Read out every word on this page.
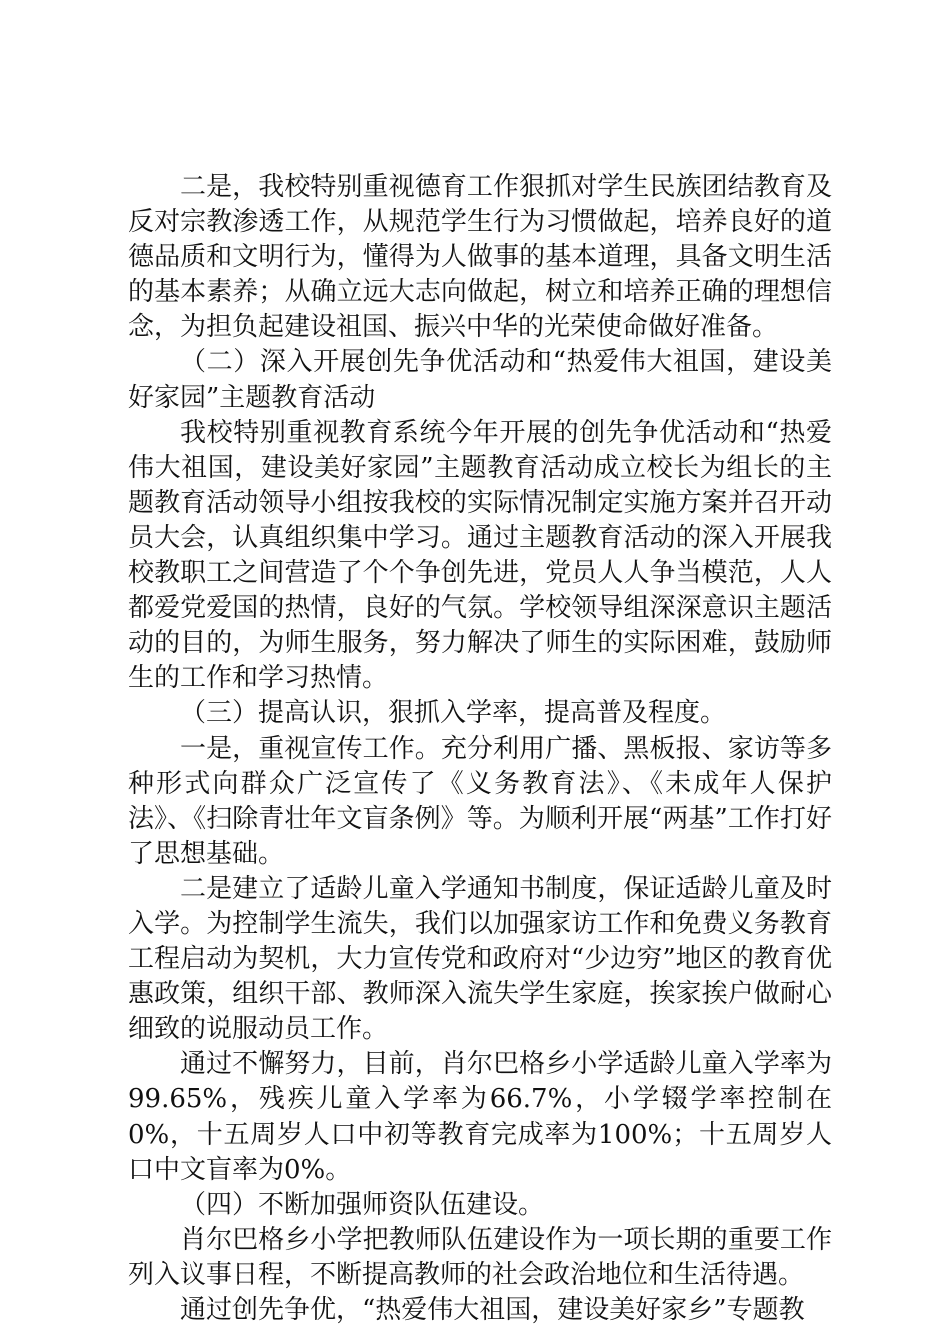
二是，我校特别重视德育工作狠抓对学生民族团结教育及反对宗教渗透工作，从规范学生行为习惯做起，培养良好的道德品质和文明行为，懂得为人做事的基本道理，具备文明生活的基本素养；从确立远大志向做起，树立和培养正确的理想信念，为担负起建设祖国、振兴中华的光荣使命做好准备。

（二）深入开展创先争优活动和“热爱伟大祖国，建设美好家园”主题教育活动

我校特别重视教育系统今年开展的创先争优活动和“热爱伟大祖国，建设美好家园”主题教育活动成立校长为组长的主题教育活动领导小组按我校的实际情况制定实施方案并召开动员大会，认真组织集中学习。通过主题教育活动的深入开展我校教职工之间营造了个个争创先进，党员人人争当模范，人人都爱党爱国的热情，良好的气氛。学校领导组深深意识主题活动的目的，为师生服务，努力解决了师生的实际困难，鼓励师生的工作和学习热情。

（三）提高认识，狠抓入学率，提高普及程度。

一是，重视宣传工作。充分利用广播、黑板报、家访等多种形式向群众广泛宣传了《义务教育法》、《未成年人保护法》、《扫除青壮年文盲条例》等。为顺利开展“两基”工作打好了思想基础。

二是建立了适龄儿童入学通知书制度，保证适龄儿童及时入学。为控制学生流失，我们以加强家访工作和免费义务教育工程启动为契机，大力宣传党和政府对“少边穷”地区的教育优惠政策，组织干部、教师深入流失学生家庭，挨家挨户做耐心细致的说服动员工作。

通过不懈努力，目前，肖尔巴格乡小学适龄儿童入学率为99.65%，残疾儿童入学率为66.7%，小学辍学率控制在0%，十五周岁人口中初等教育完成率为100%；十五周岁人口中文盲率为0%。

（四）不断加强师资队伍建设。

肖尔巴格乡小学把教师队伍建设作为一项长期的重要工作列入议事日程，不断提高教师的社会政治地位和生活待遇。

通过创先争优，“热爱伟大祖国，建设美好家乡”专题教
